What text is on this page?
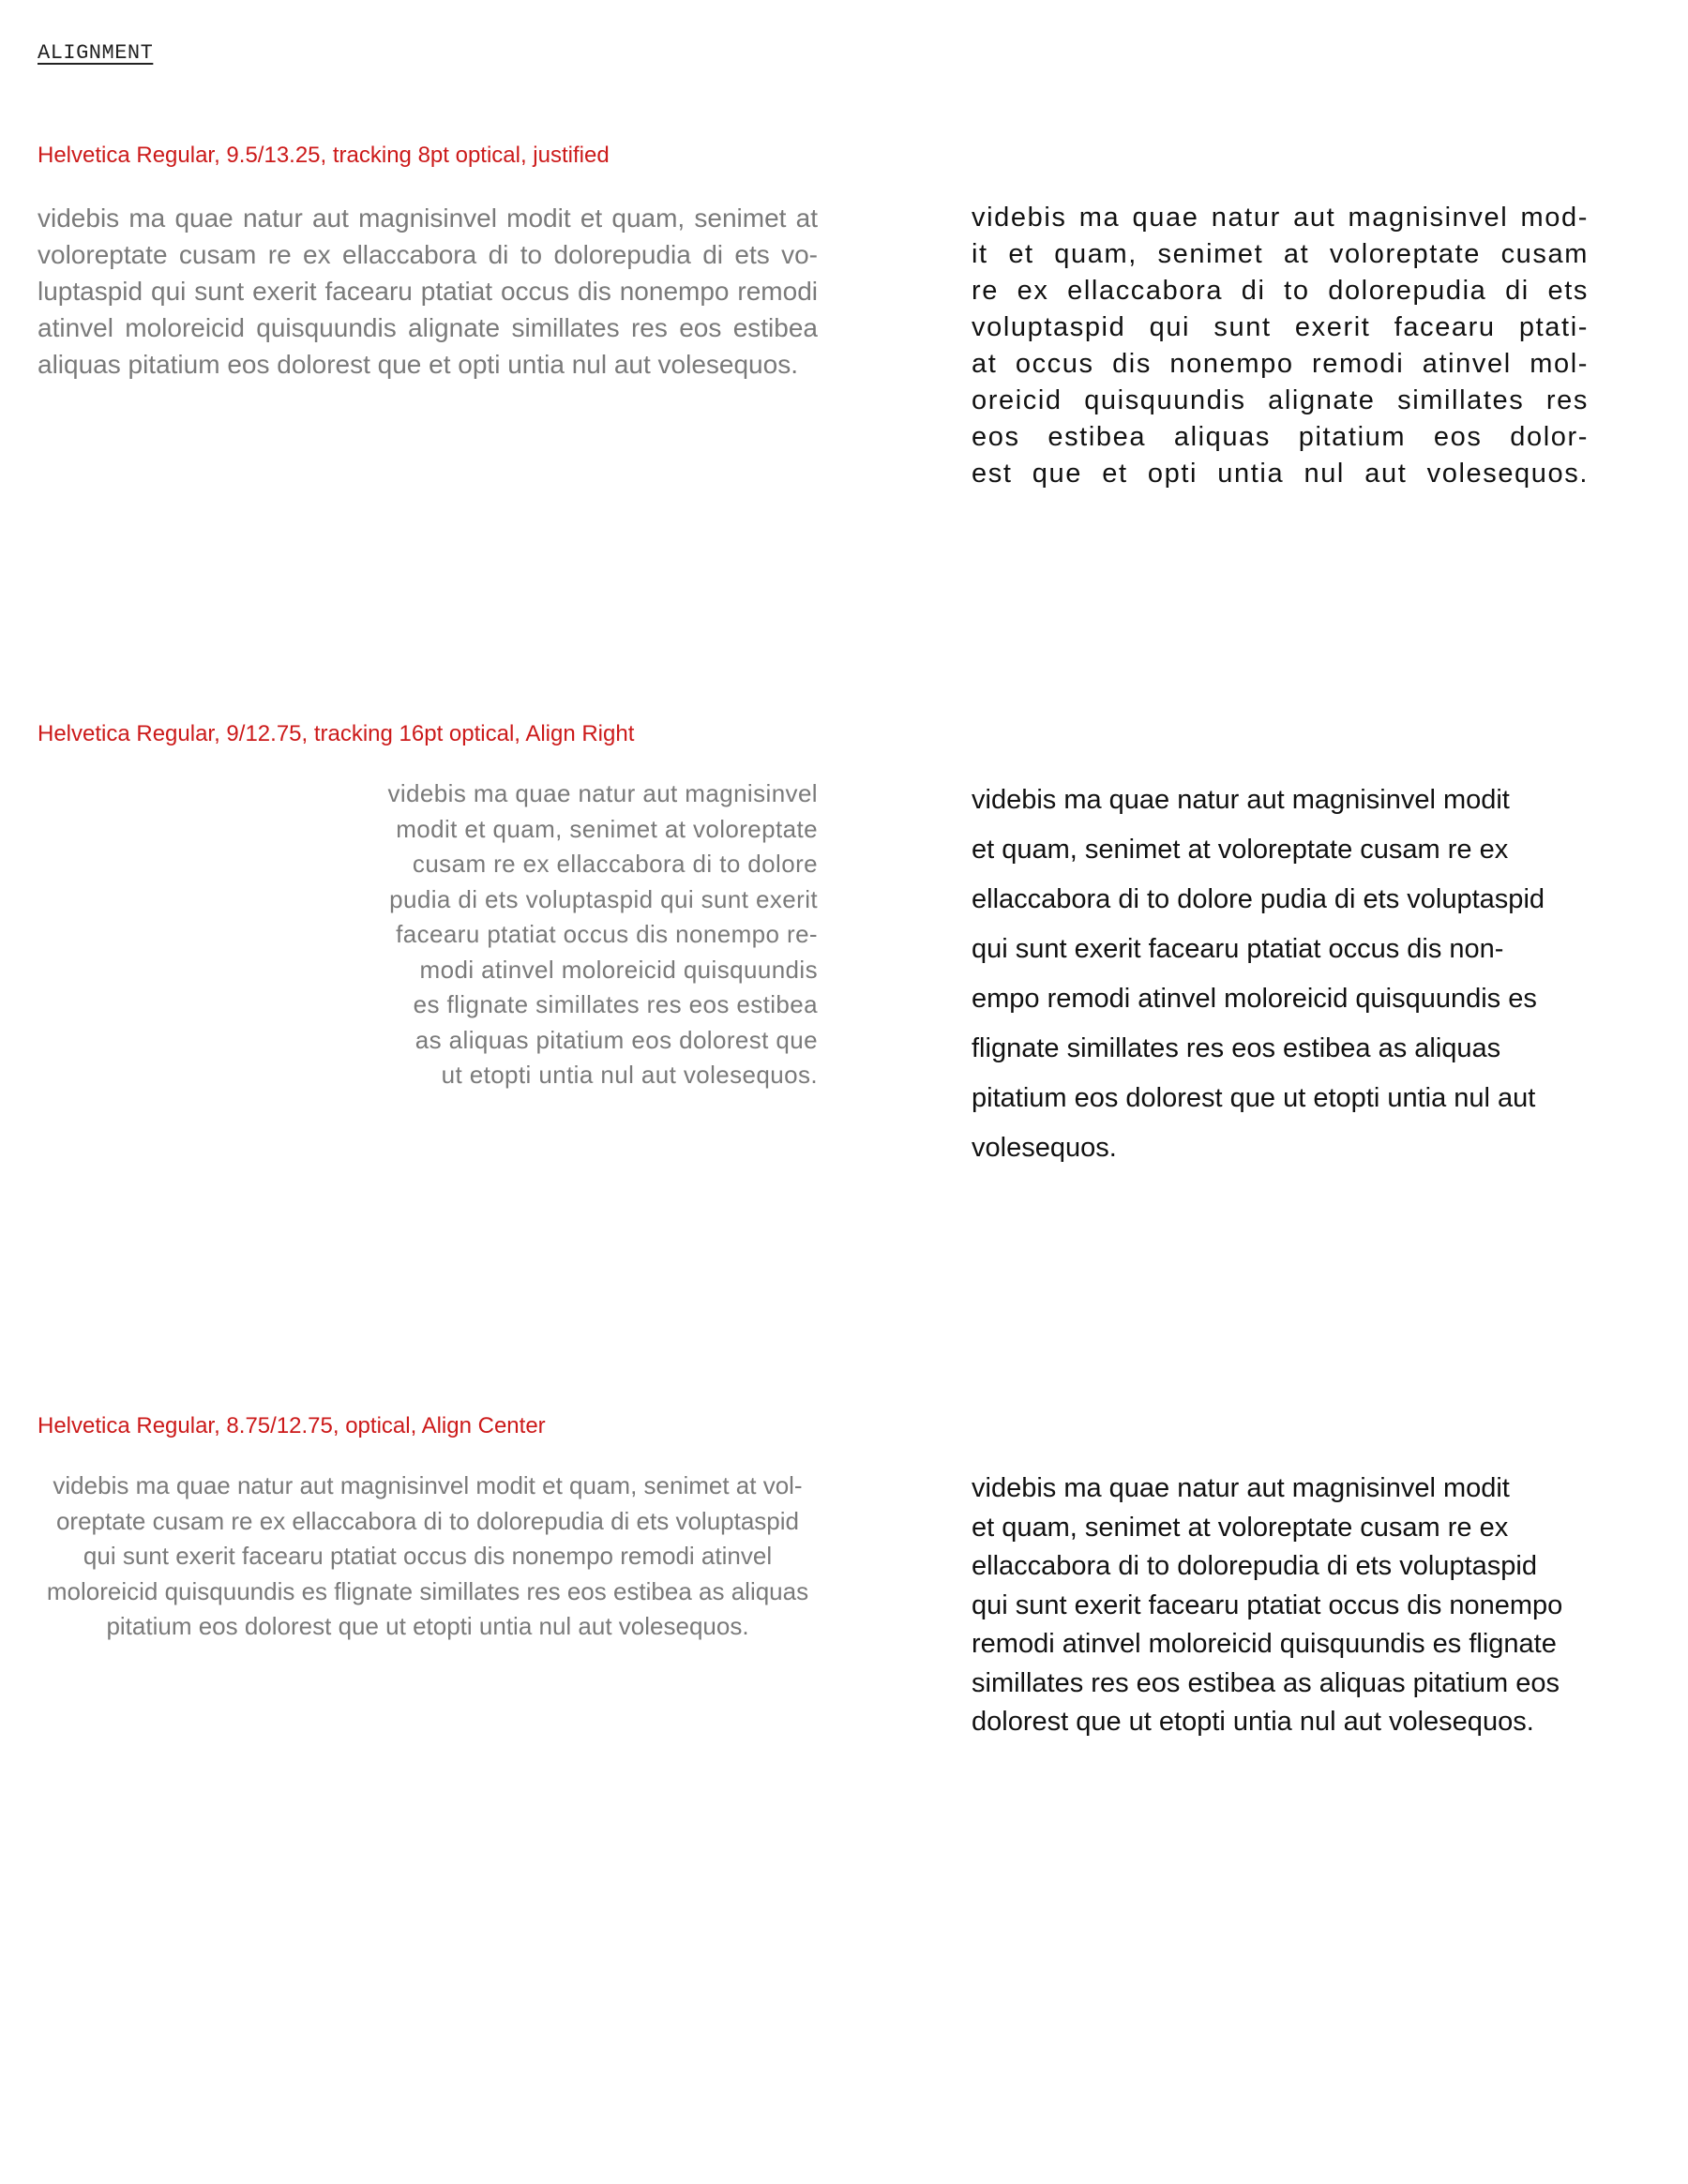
ALIGNMENT

Helvetica Regular, 9.5/13.25, tracking 8pt optical, justified

videbis ma quae natur aut magnisinvel modit et quam, senimet at
voloreptate cusam re ex ellaccabora di to dolorepudia di ets vo-
luptaspid qui sunt exerit facearu ptatiat occus dis nonempo remodi
atinvel moloreicid quisquundis alignate simillates res eos estibea
aliquas pitatium eos dolorest que et opti untia nul aut volesequos.
videbis ma quae natur aut magnisinvel mod-
it et quam, senimet at voloreptate cusam
re ex ellaccabora di to dolorepudia di ets
voluptaspid qui sunt exerit facearu ptati-
at occus dis nonempo remodi atinvel mol-
oreicid quisquundis alignate simillates res
eos estibea aliquas pitatium eos dolor-
est que et opti untia nul aut volesequos.

Helvetica Regular, 9/12.75, tracking 16pt optical, Align Right

videbis ma quae natur aut magnisinvel
modit et quam, senimet at voloreptate
cusam re ex ellaccabora di to dolore
pudia di ets voluptaspid qui sunt exerit
facearu ptatiat occus dis nonempo re-
modi atinvel moloreicid quisquundis
es flignate simillates res eos estibea
as aliquas pitatium eos dolorest que
ut etopti untia nul aut volesequos.
videbis ma quae natur aut magnisinvel modit
et quam, senimet at voloreptate cusam re ex
ellaccabora di to dolore pudia di ets voluptaspid
qui sunt exerit facearu ptatiat occus dis non-
empo remodi atinvel moloreicid quisquundis es
flignate simillates res eos estibea as aliquas
pitatium eos dolorest que ut etopti untia nul aut
volesequos.

Helvetica Regular, 8.75/12.75, optical, Align Center

videbis ma quae natur aut magnisinvel modit et quam, senimet at vol-
oreptate cusam re ex ellaccabora di to dolorepudia di ets voluptaspid
qui sunt exerit facearu ptatiat occus dis nonempo remodi atinvel
moloreicid quisquundis es flignate simillates res eos estibea as aliquas
pitatium eos dolorest que ut etopti untia nul aut volesequos.
videbis ma quae natur aut magnisinvel modit
et quam, senimet at voloreptate cusam re ex
ellaccabora di to dolorepudia di ets voluptaspid
qui sunt exerit facearu ptatiat occus dis nonempo
remodi atinvel moloreicid quisquundis es flignate
simillates res eos estibea as aliquas pitatium eos
dolorest que ut etopti untia nul aut volesequos.
